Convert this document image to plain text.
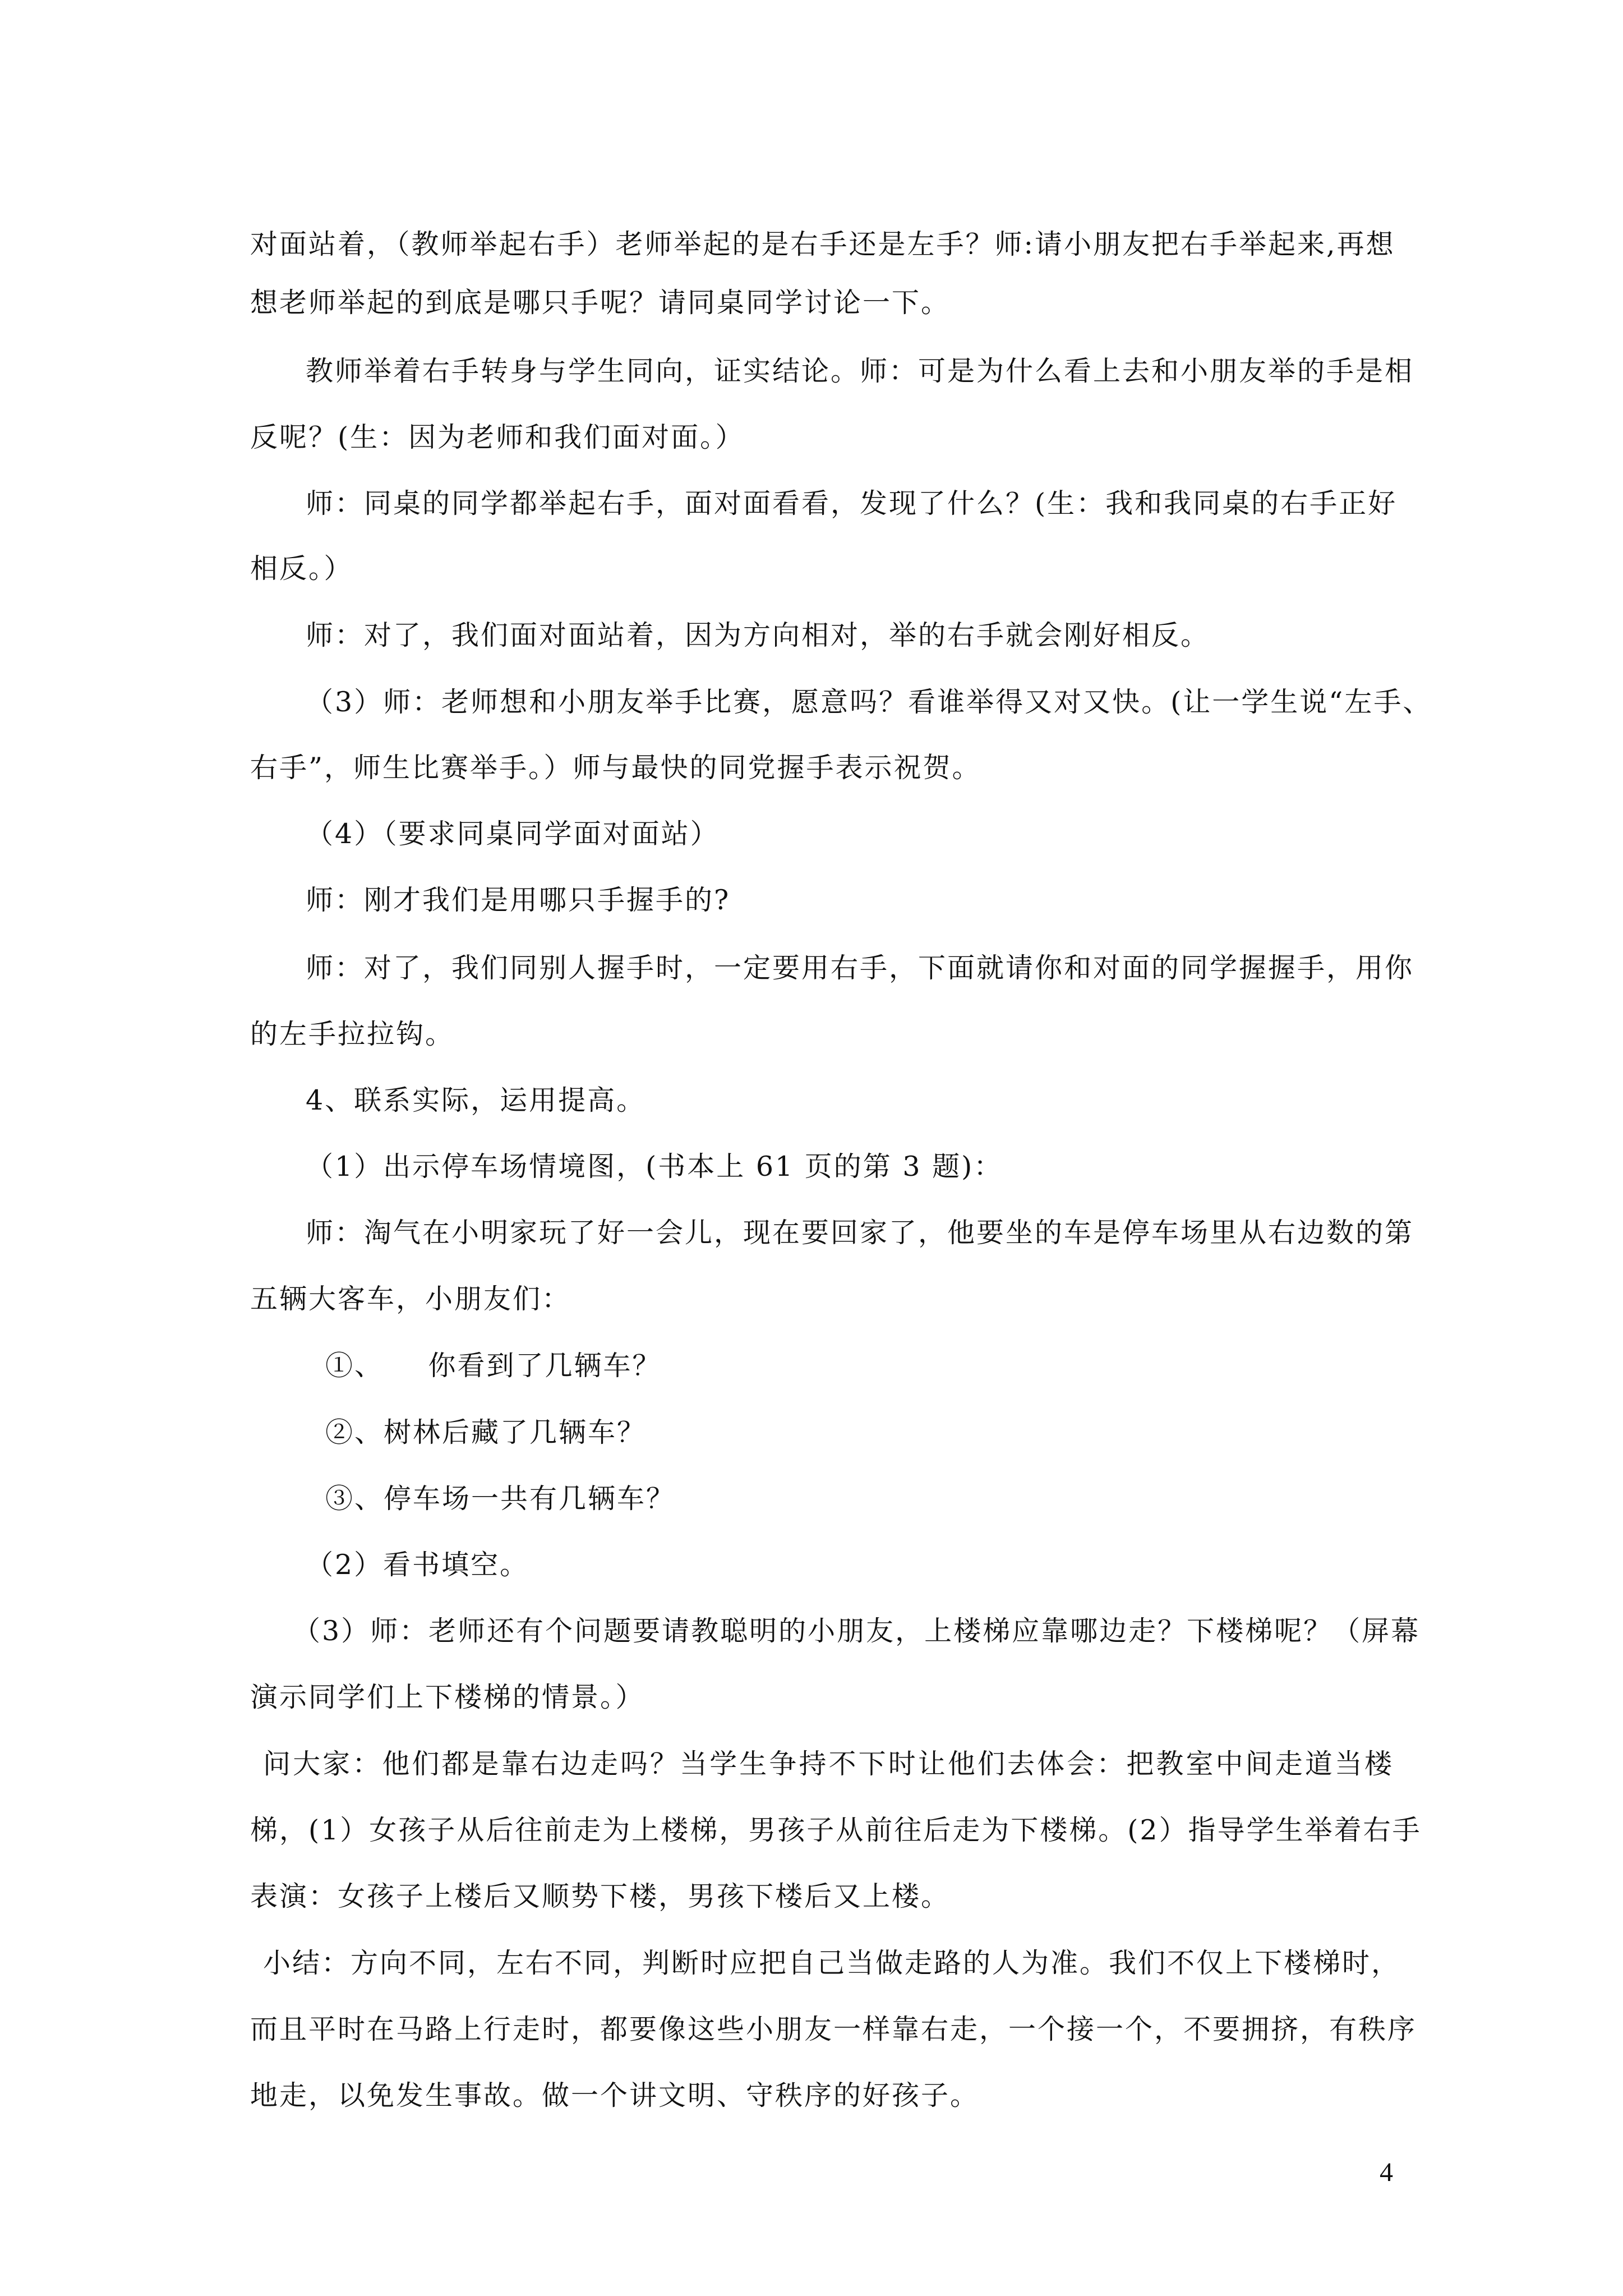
对面站着，（教师举起右手）老师举起的是右手还是左手？师:请小朋友把右手举起来,再想
想老师举起的到底是哪只手呢？请同桌同学讨论一下。
教师举着右手转身与学生同向，证实结论。师：可是为什么看上去和小朋友举的手是相
反呢？(生：因为老师和我们面对面。）
师：同桌的同学都举起右手，面对面看看，发现了什么？(生：我和我同桌的右手正好
相反。）
师：对了，我们面对面站着，因为方向相对，举的右手就会刚好相反。
（3）师：老师想和小朋友举手比赛，愿意吗？看谁举得又对又快。(让一学生说“左手、
右手”，师生比赛举手。）师与最快的同党握手表示祝贺。
（4）（要求同桌同学面对面站）
师：刚才我们是用哪只手握手的?
师：对了，我们同别人握手时，一定要用右手，下面就请你和对面的同学握握手，用你
的左手拉拉钩。
4、联系实际，运用提高。
（1）出示停车场情境图，(书本上 61 页的第 3 题)：
师：淘气在小明家玩了好一会儿，现在要回家了，他要坐的车是停车场里从右边数的第
五辆大客车，小朋友们：
①、　　你看到了几辆车？
②、树林后藏了几辆车？
③、停车场一共有几辆车？
（2）看书填空。
（3）师：老师还有个问题要请教聪明的小朋友，上楼梯应靠哪边走？下楼梯呢？（屏幕
演示同学们上下楼梯的情景。）
问大家：他们都是靠右边走吗？当学生争持不下时让他们去体会：把教室中间走道当楼
梯，(1）女孩子从后往前走为上楼梯，男孩子从前往后走为下楼梯。(2）指导学生举着右手
表演：女孩子上楼后又顺势下楼，男孩下楼后又上楼。
小结：方向不同，左右不同，判断时应把自己当做走路的人为准。我们不仅上下楼梯时，
而且平时在马路上行走时，都要像这些小朋友一样靠右走，一个接一个，不要拥挤，有秩序
地走，以免发生事故。做一个讲文明、守秩序的好孩子。
4
